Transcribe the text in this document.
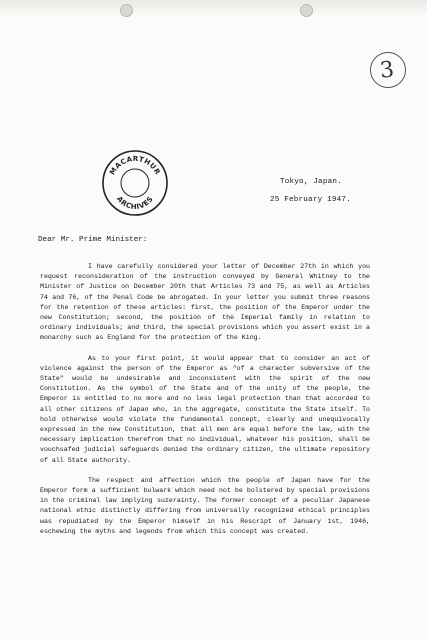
3
MACARTHUR
ARCHIVES
Tokyo, Japan.
25 February 1947.
Dear Mr. Prime Minister:

I have carefully considered your letter of December 27th in which you request reconsideration of the instruction conveyed by General Whitney to the Minister of Justice on December 20th that Articles 73 and 75, as well as Articles 74 and 76, of the Penal Code be abrogated. In your letter you submit three reasons for the retention of these articles: first, the position of the Emperor under the new Constitution; second, the position of the Imperial family in relation to ordinary individuals; and third, the special provisions which you assert exist in a monarchy such as England for the protection of the King.

As to your first point, it would appear that to consider an act of violence against the person of the Emperor as "of a character subversive of the State" would be undesirable and inconsistent with the spirit of the new Constitution. As the symbol of the State and of the unity of the people, the Emperor is entitled to no more and no less legal protection than that accorded to all other citizens of Japan who, in the aggregate, constitute the State itself. To hold otherwise would violate the fundamental concept, clearly and unequivocally expressed in the new Constitution, that all men are equal before the law, with the necessary implication therefrom that no individual, whatever his position, shall be vouchsafed judicial safeguards denied the ordinary citizen, the ultimate repository of all State authority.

The respect and affection which the people of Japan have for the Emperor form a sufficient bulwark which need not be bolstered by special provisions in the criminal law implying suzerainty. The former concept of a peculiar Japanese national ethic distinctly differing from universally recognized ethical principles was repudiated by the Emperor himself in his Rescript of January 1st, 1946, eschewing the myths and legends from which this concept was created.
